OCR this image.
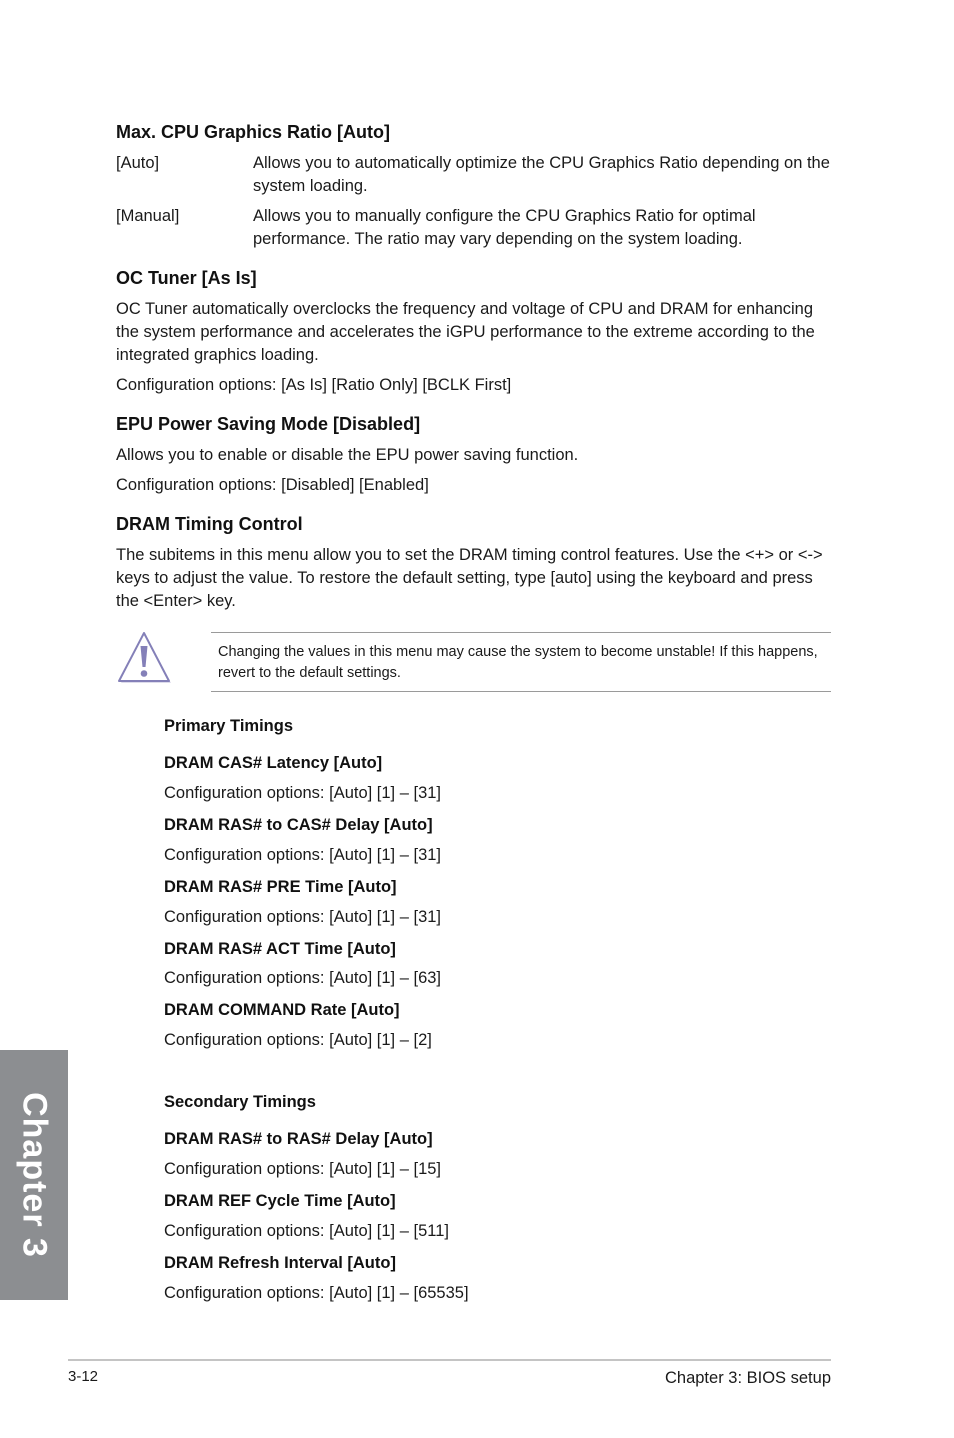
Max. CPU Graphics Ratio [Auto]
[Auto]	Allows you to automatically optimize the CPU Graphics Ratio depending on the system loading.
[Manual]	Allows you to manually configure the CPU Graphics Ratio for optimal performance. The ratio may vary depending on the system loading.
OC Tuner [As Is]
OC Tuner automatically overclocks the frequency and voltage of CPU and DRAM for enhancing the system performance and accelerates the iGPU performance to the extreme according to the integrated graphics loading.
Configuration options: [As Is] [Ratio Only] [BCLK First]
EPU Power Saving Mode [Disabled]
Allows you to enable or disable the EPU power saving function.
Configuration options: [Disabled] [Enabled]
DRAM Timing Control
The subitems in this menu allow you to set the DRAM timing control features. Use the <+> or <-> keys to adjust the value. To restore the default setting, type [auto] using the keyboard and press the <Enter> key.
Changing the values in this menu may cause the system to become unstable! If this happens, revert to the default settings.
Primary Timings
DRAM CAS# Latency [Auto]
Configuration options: [Auto] [1] – [31]
DRAM RAS# to CAS# Delay [Auto]
Configuration options: [Auto] [1] – [31]
DRAM RAS# PRE Time [Auto]
Configuration options: [Auto] [1] – [31]
DRAM RAS# ACT Time [Auto]
Configuration options: [Auto] [1] – [63]
DRAM COMMAND Rate [Auto]
Configuration options: [Auto] [1] – [2]
Secondary Timings
DRAM RAS# to RAS# Delay [Auto]
Configuration options: [Auto] [1] – [15]
DRAM REF Cycle Time [Auto]
Configuration options: [Auto] [1] – [511]
DRAM Refresh Interval [Auto]
Configuration options: [Auto] [1] – [65535]
Chapter 3
3-12	Chapter 3: BIOS setup
